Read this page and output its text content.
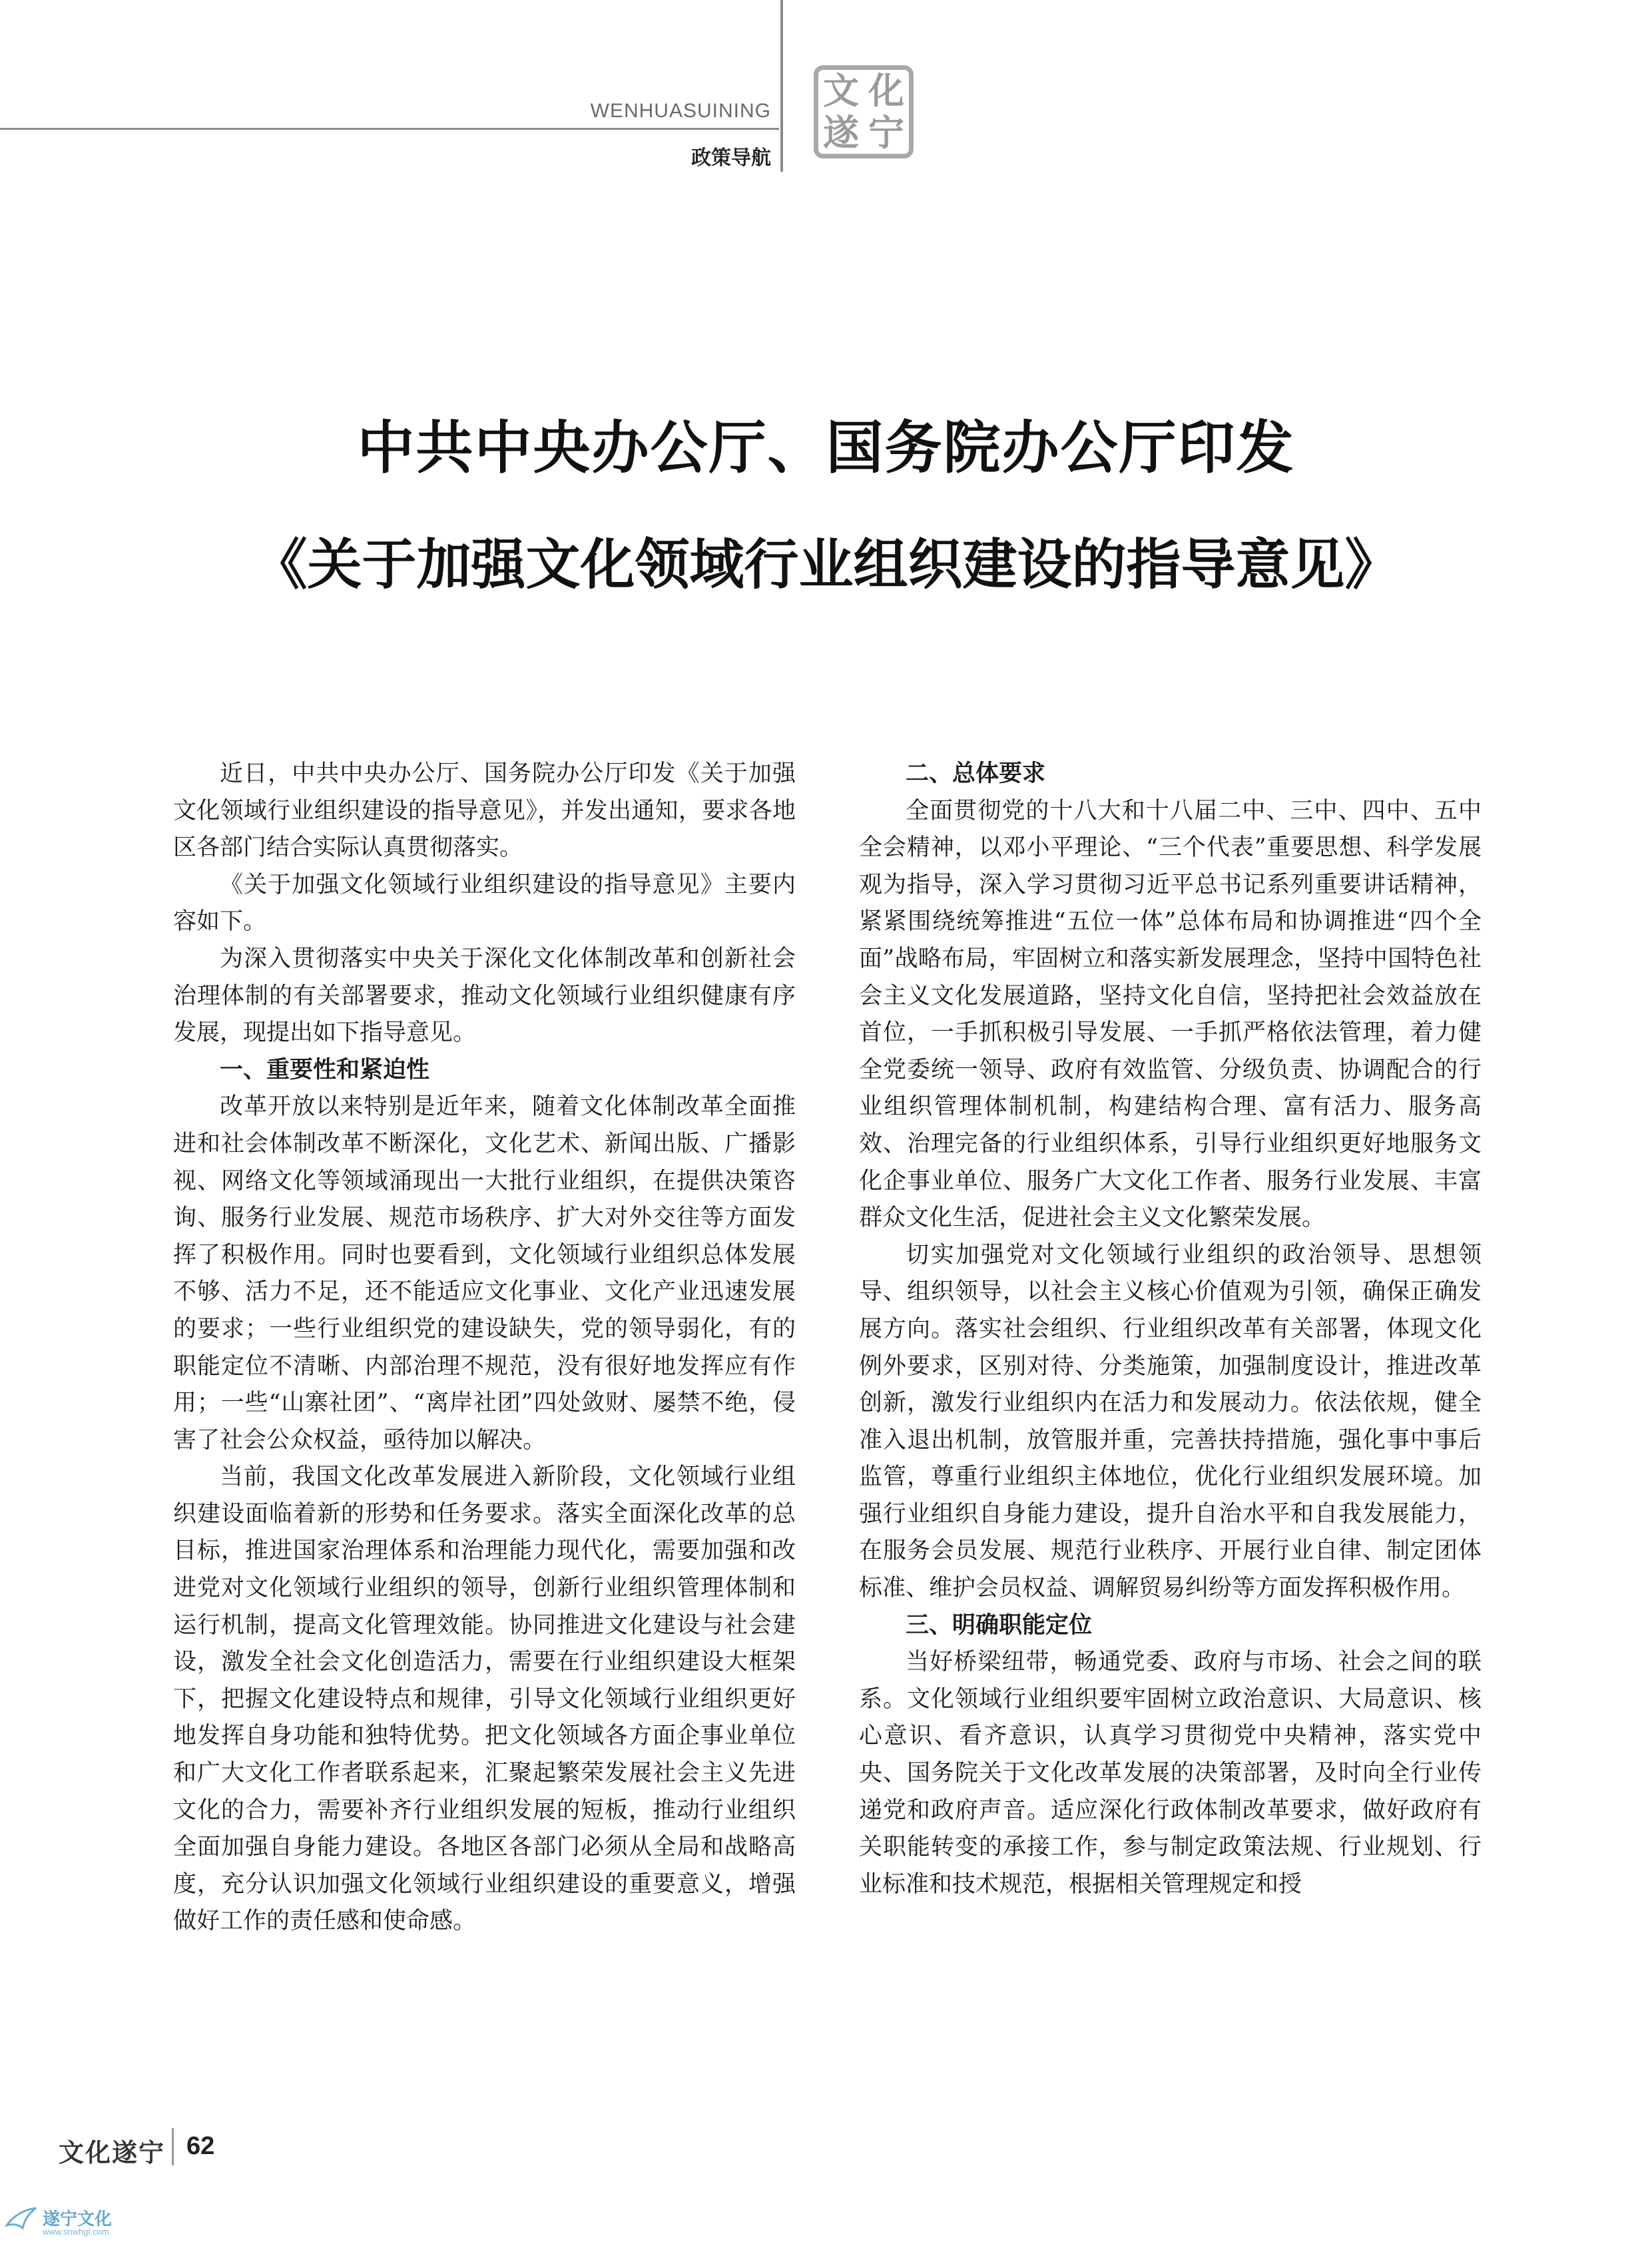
WENHUASUINING
政策导航
文 化
遂 宁
中共中央办公厅、国务院办公厅印发
《关于加强文化领域行业组织建设的指导意见》

近日，中共中央办公厅、国务院办公厅印发《关于加强文化领域行业组织建设的指导意见》，并发出通知，要求各地区各部门结合实际认真贯彻落实。

《关于加强文化领域行业组织建设的指导意见》主要内容如下。

为深入贯彻落实中央关于深化文化体制改革和创新社会治理体制的有关部署要求，推动文化领域行业组织健康有序发展，现提出如下指导意见。

一、重要性和紧迫性

改革开放以来特别是近年来，随着文化体制改革全面推进和社会体制改革不断深化，文化艺术、新闻出版、广播影视、网络文化等领域涌现出一大批行业组织，在提供决策咨询、服务行业发展、规范市场秩序、扩大对外交往等方面发挥了积极作用。同时也要看到，文化领域行业组织总体发展不够、活力不足，还不能适应文化事业、文化产业迅速发展的要求；一些行业组织党的建设缺失，党的领导弱化，有的职能定位不清晰、内部治理不规范，没有很好地发挥应有作用；一些“山寨社团”、“离岸社团”四处敛财、屡禁不绝，侵害了社会公众权益，亟待加以解决。

当前，我国文化改革发展进入新阶段，文化领域行业组织建设面临着新的形势和任务要求。落实全面深化改革的总目标，推进国家治理体系和治理能力现代化，需要加强和改进党对文化领域行业组织的领导，创新行业组织管理体制和运行机制，提高文化管理效能。协同推进文化建设与社会建设，激发全社会文化创造活力，需要在行业组织建设大框架下，把握文化建设特点和规律，引导文化领域行业组织更好地发挥自身功能和独特优势。把文化领域各方面企事业单位和广大文化工作者联系起来，汇聚起繁荣发展社会主义先进文化的合力，需要补齐行业组织发展的短板，推动行业组织全面加强自身能力建设。各地区各部门必须从全局和战略高度，充分认识加强文化领域行业组织建设的重要意义，增强做好工作的责任感和使命感。

二、总体要求

全面贯彻党的十八大和十八届二中、三中、四中、五中全会精神，以邓小平理论、“三个代表”重要思想、科学发展观为指导，深入学习贯彻习近平总书记系列重要讲话精神，紧紧围绕统筹推进“五位一体”总体布局和协调推进“四个全面”战略布局，牢固树立和落实新发展理念，坚持中国特色社会主义文化发展道路，坚持文化自信，坚持把社会效益放在首位，一手抓积极引导发展、一手抓严格依法管理，着力健全党委统一领导、政府有效监管、分级负责、协调配合的行业组织管理体制机制，构建结构合理、富有活力、服务高效、治理完备的行业组织体系，引导行业组织更好地服务文化企事业单位、服务广大文化工作者、服务行业发展、丰富群众文化生活，促进社会主义文化繁荣发展。

切实加强党对文化领域行业组织的政治领导、思想领导、组织领导，以社会主义核心价值观为引领，确保正确发展方向。落实社会组织、行业组织改革有关部署，体现文化例外要求，区别对待、分类施策，加强制度设计，推进改革创新，激发行业组织内在活力和发展动力。依法依规，健全准入退出机制，放管服并重，完善扶持措施，强化事中事后监管，尊重行业组织主体地位，优化行业组织发展环境。加强行业组织自身能力建设，提升自治水平和自我发展能力，在服务会员发展、规范行业秩序、开展行业自律、制定团体标准、维护会员权益、调解贸易纠纷等方面发挥积极作用。

三、明确职能定位

当好桥梁纽带，畅通党委、政府与市场、社会之间的联系。文化领域行业组织要牢固树立政治意识、大局意识、核心意识、看齐意识，认真学习贯彻党中央精神，落实党中央、国务院关于文化改革发展的决策部署，及时向全行业传递党和政府声音。适应深化行政体制改革要求，做好政府有关职能转变的承接工作，参与制定政策法规、行业规划、行业标准和技术规范，根据相关管理规定和授

文化遂宁 62
遂宁文化
www.snwhgl.com
